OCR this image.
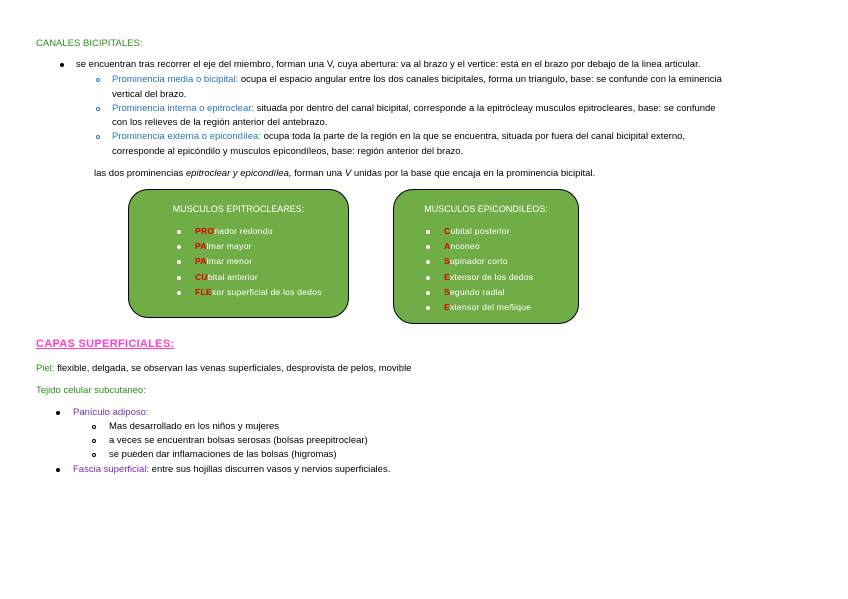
CANALES BICIPITALES:
se encuentran tras recorrer el eje del miembro, forman una V, cuya abertura: va al brazo y el vertice: está en el brazo por debajo de la linea articular.
Prominencia media o bicipital: ocupa el espacio angular entre los dos canales bicipitales, forma un triangulo, base: se confunde con la eminencia
vertical del brazo.
Prominencia interna o epitroclear: situada por dentro del canal bicipital, corresponde a la epitrócleay musculos epitrocleares, base: se confunde
con los relieves de la región anterior del antebrazo.
Prominencia externa o epicondílea: ocupa toda la parte de la región en la que se encuentra, situada por fuera del canal bicipital externo,
corresponde al epicóndilo y musculos epicondíleos, base: región anterior del brazo.
las dos prominencias epitroclear y epicondílea, forman una V unidas por la base que encaja en la prominencia bicipital.
MUSCULOS EPITROCLEARES:
PROnador redondo
PAlmar mayor
PAlmar menor
CUbital anterior
FLExor superficial de los dedos
MUSCULOS EPICONDILEOS:
Cubital posterior
Anconeo
Supinador corto
Extensor de los dedos
Segundo radial
Extensor del meñique
CAPAS SUPERFICIALES:
Piel: flexible, delgada, se observan las venas superficiales, desprovista de pelos, movible
Tejido celular subcutaneo:
Panículo adiposo:
Mas desarrollado en los niños y mujeres
a veces se encuentran bolsas serosas (bolsas preepitroclear)
se pueden dar inflamaciones de las bolsas (higromas)
Fascia superficial: entre sus hojillas discurren vasos y nervios superficiales.
